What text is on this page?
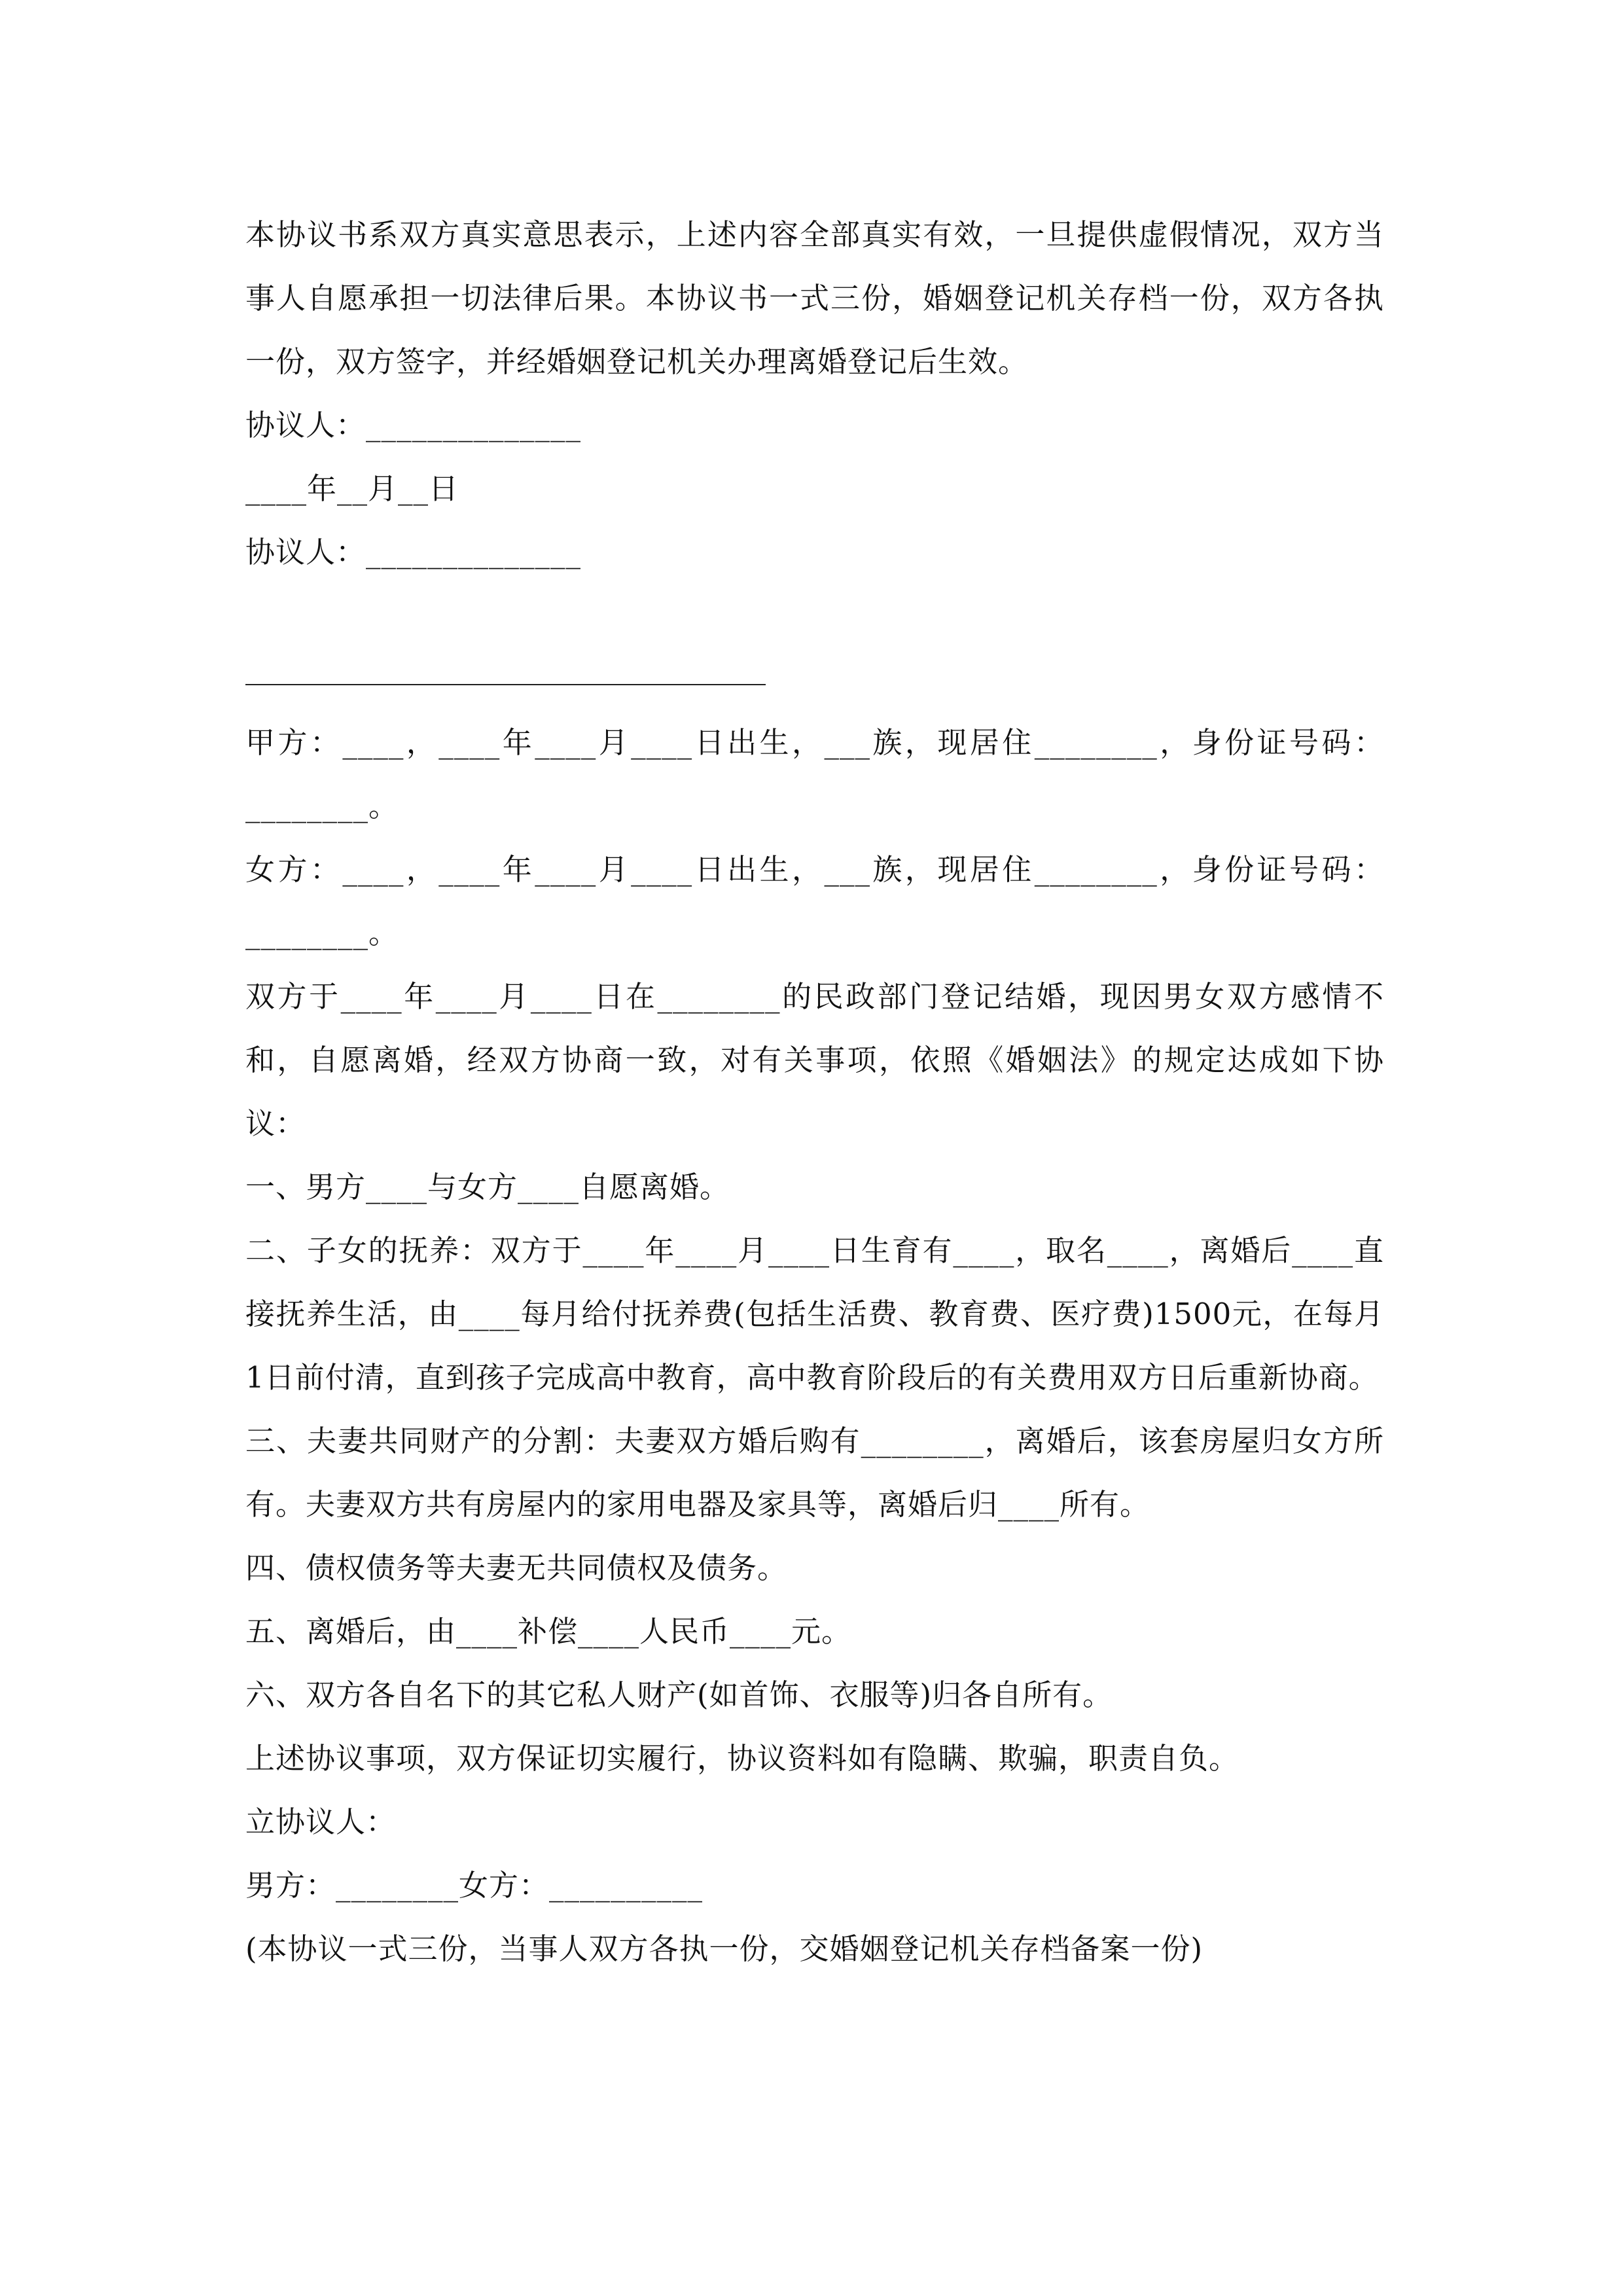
本协议书系双方真实意思表示，上述内容全部真实有效，一旦提供虚假情况，双方当事人自愿承担一切法律后果。本协议书一式三份，婚姻登记机关存档一份，双方各执一份，双方签字，并经婚姻登记机关办理离婚登记后生效。

协议人：______________

____年__月__日

协议人：______________

甲方：____，____年____月____日出生，___族，现居住________，身份证号码：________。

女方：____，____年____月____日出生，___族，现居住________，身份证号码：________。

双方于____年____月____日在________的民政部门登记结婚，现因男女双方感情不和，自愿离婚，经双方协商一致，对有关事项，依照《婚姻法》的规定达成如下协议：

一、男方____与女方____自愿离婚。

二、子女的抚养：双方于____年____月____日生育有____，取名____，离婚后____直接抚养生活，由____每月给付抚养费(包括生活费、教育费、医疗费)1500元，在每月1日前付清，直到孩子完成高中教育，高中教育阶段后的有关费用双方日后重新协商。

三、夫妻共同财产的分割：夫妻双方婚后购有________，离婚后，该套房屋归女方所有。夫妻双方共有房屋内的家用电器及家具等，离婚后归____所有。

四、债权债务等夫妻无共同债权及债务。

五、离婚后，由____补偿____人民币____元。

六、双方各自名下的其它私人财产(如首饰、衣服等)归各自所有。

上述协议事项，双方保证切实履行，协议资料如有隐瞒、欺骗，职责自负。

立协议人：

男方：________女方：__________

(本协议一式三份，当事人双方各执一份，交婚姻登记机关存档备案一份)
